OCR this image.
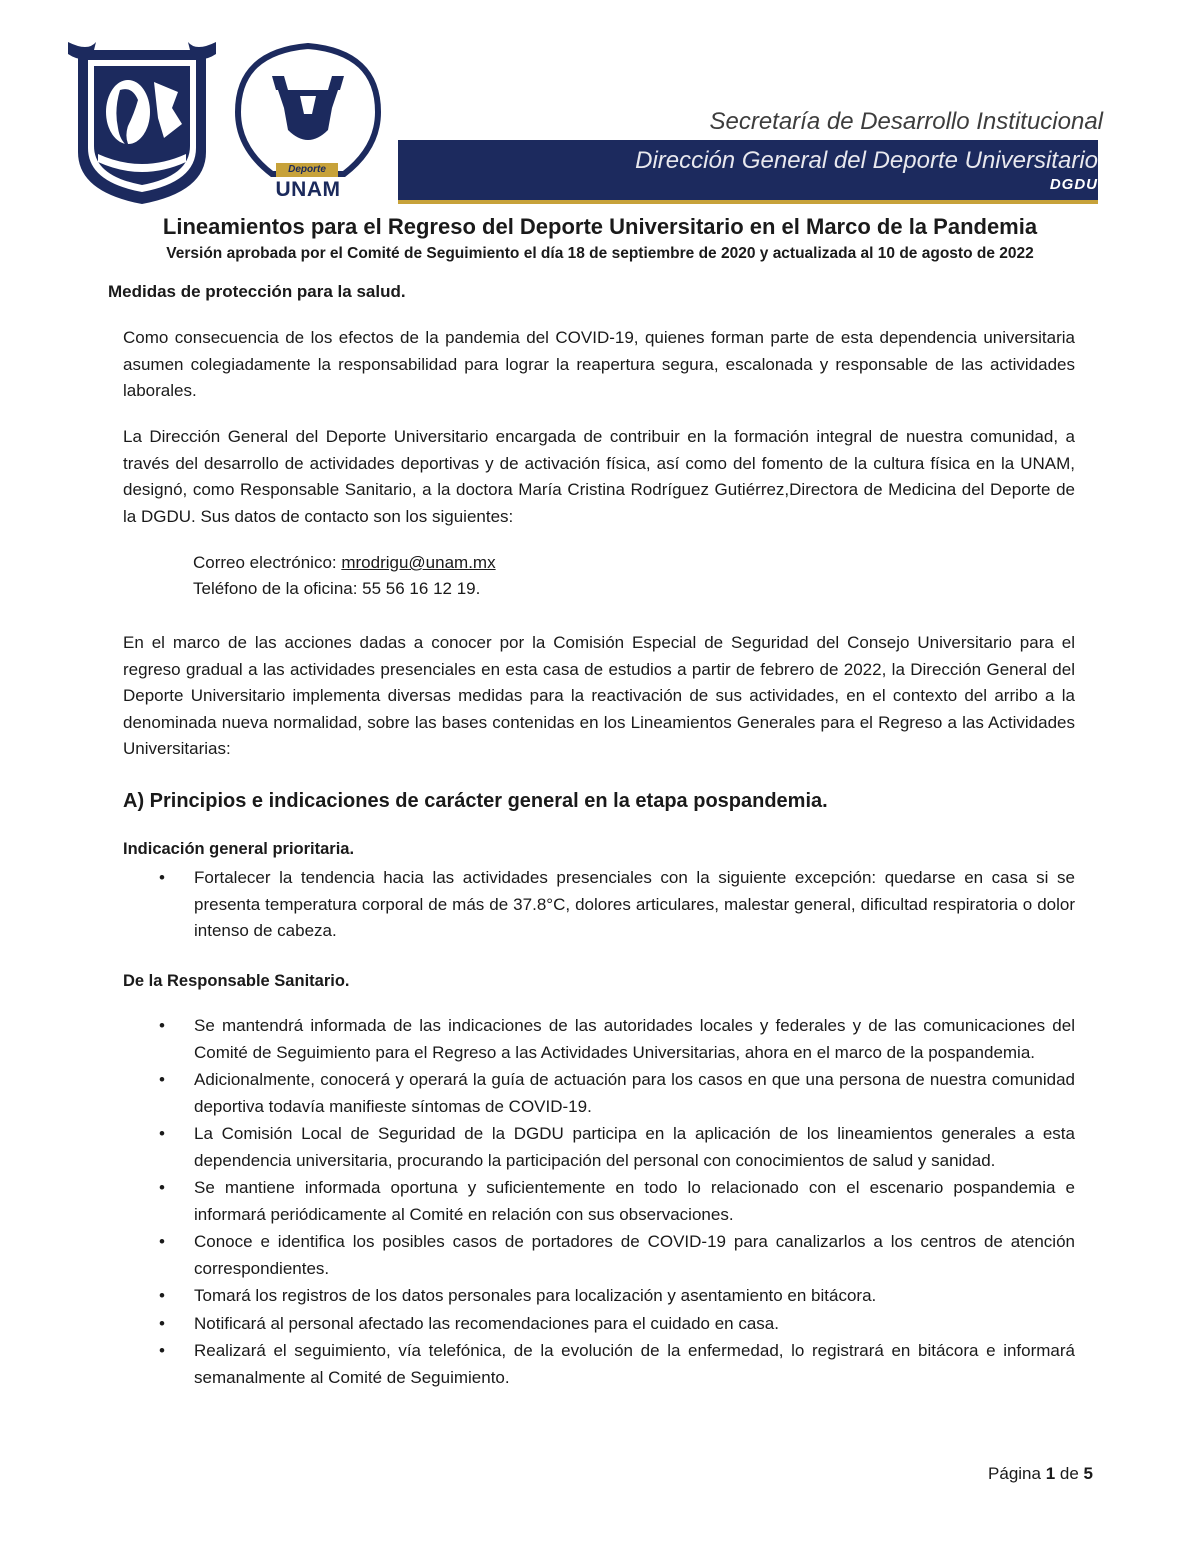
Deporte
UNAM
Secretaría de Desarrollo Institucional
Dirección General del Deporte Universitario
DGDU
Lineamientos para el Regreso del Deporte Universitario en el Marco de la Pandemia
Versión aprobada por el Comité de Seguimiento el día 18 de septiembre de 2020 y actualizada al 10 de agosto de 2022
Medidas de protección para la salud.

Como consecuencia de los efectos de la pandemia del COVID-19, quienes forman parte de esta dependencia universitaria asumen colegiadamente la responsabilidad para lograr la reapertura segura, escalonada y responsable de las actividades laborales.

La Dirección General del Deporte Universitario encargada de contribuir en la formación integral de nuestra comunidad, a través del desarrollo de actividades deportivas y de activación física, así como del fomento de la cultura física en la UNAM, designó, como Responsable Sanitario, a la doctora María Cristina Rodríguez Gutiérrez,Directora de Medicina del Deporte de la DGDU. Sus datos de contacto son los siguientes:

Correo electrónico: mrodrigu@unam.mx
Teléfono de la oficina: 55 56 16 12 19.

En el marco de las acciones dadas a conocer por la Comisión Especial de Seguridad del Consejo Universitario para el regreso gradual a las actividades presenciales en esta casa de estudios a partir de febrero de 2022, la Dirección General del Deporte Universitario implementa diversas medidas para la reactivación de sus actividades, en el contexto del arribo a la denominada nueva normalidad, sobre las bases contenidas en los Lineamientos Generales para el Regreso a las Actividades Universitarias:

A) Principios e indicaciones de carácter general en la etapa pospandemia.
Indicación general prioritaria.
• Fortalecer la tendencia hacia las actividades presenciales con la siguiente excepción: quedarse en casa si se presenta temperatura corporal de más de 37.8°C, dolores articulares, malestar general, dificultad respiratoria o dolor intenso de cabeza.
De la Responsable Sanitario.
• Se mantendrá informada de las indicaciones de las autoridades locales y federales y de las comunicaciones del Comité de Seguimiento para el Regreso a las Actividades Universitarias, ahora en el marco de la pospandemia.
• Adicionalmente, conocerá y operará la guía de actuación para los casos en que una persona de nuestra comunidad deportiva todavía manifieste síntomas de COVID-19.
• La Comisión Local de Seguridad de la DGDU participa en la aplicación de los lineamientos generales a esta dependencia universitaria, procurando la participación del personal con conocimientos de salud y sanidad.
• Se mantiene informada oportuna y suficientemente en todo lo relacionado con el escenario pospandemia e informará periódicamente al Comité en relación con sus observaciones.
• Conoce e identifica los posibles casos de portadores de COVID-19 para canalizarlos a los centros de atención correspondientes.
• Tomará los registros de los datos personales para localización y asentamiento en bitácora.
• Notificará al personal afectado las recomendaciones para el cuidado en casa.
• Realizará el seguimiento, vía telefónica, de la evolución de la enfermedad, lo registrará en bitácora e informará semanalmente al Comité de Seguimiento.
Página 1 de 5
